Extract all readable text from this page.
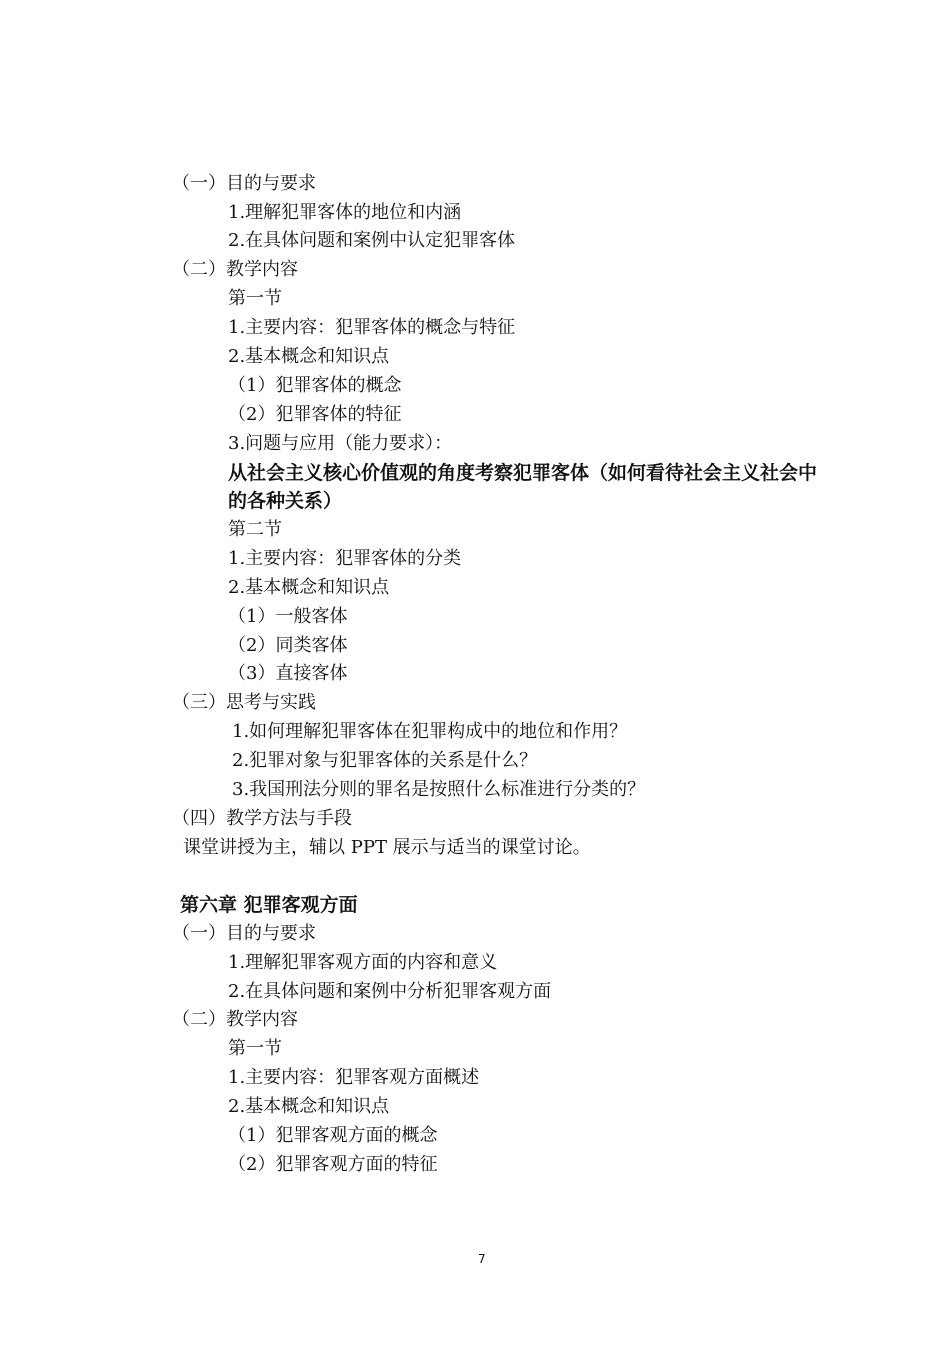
（一）目的与要求
1.理解犯罪客体的地位和内涵
2.在具体问题和案例中认定犯罪客体
（二）教学内容
第一节
1.主要内容：犯罪客体的概念与特征
2.基本概念和知识点
（1）犯罪客体的概念
（2）犯罪客体的特征
3.问题与应用（能力要求）：
从社会主义核心价值观的角度考察犯罪客体（如何看待社会主义社会中
的各种关系）
第二节
1.主要内容：犯罪客体的分类
2.基本概念和知识点
（1）一般客体
（2）同类客体
（3）直接客体
（三）思考与实践
1.如何理解犯罪客体在犯罪构成中的地位和作用？
2.犯罪对象与犯罪客体的关系是什么？
3.我国刑法分则的罪名是按照什么标准进行分类的？
（四）教学方法与手段
课堂讲授为主，辅以 PPT 展示与适当的课堂讨论。
第六章 犯罪客观方面
（一）目的与要求
1.理解犯罪客观方面的内容和意义
2.在具体问题和案例中分析犯罪客观方面
（二）教学内容
第一节
1.主要内容：犯罪客观方面概述
2.基本概念和知识点
（1）犯罪客观方面的概念
（2）犯罪客观方面的特征
7
